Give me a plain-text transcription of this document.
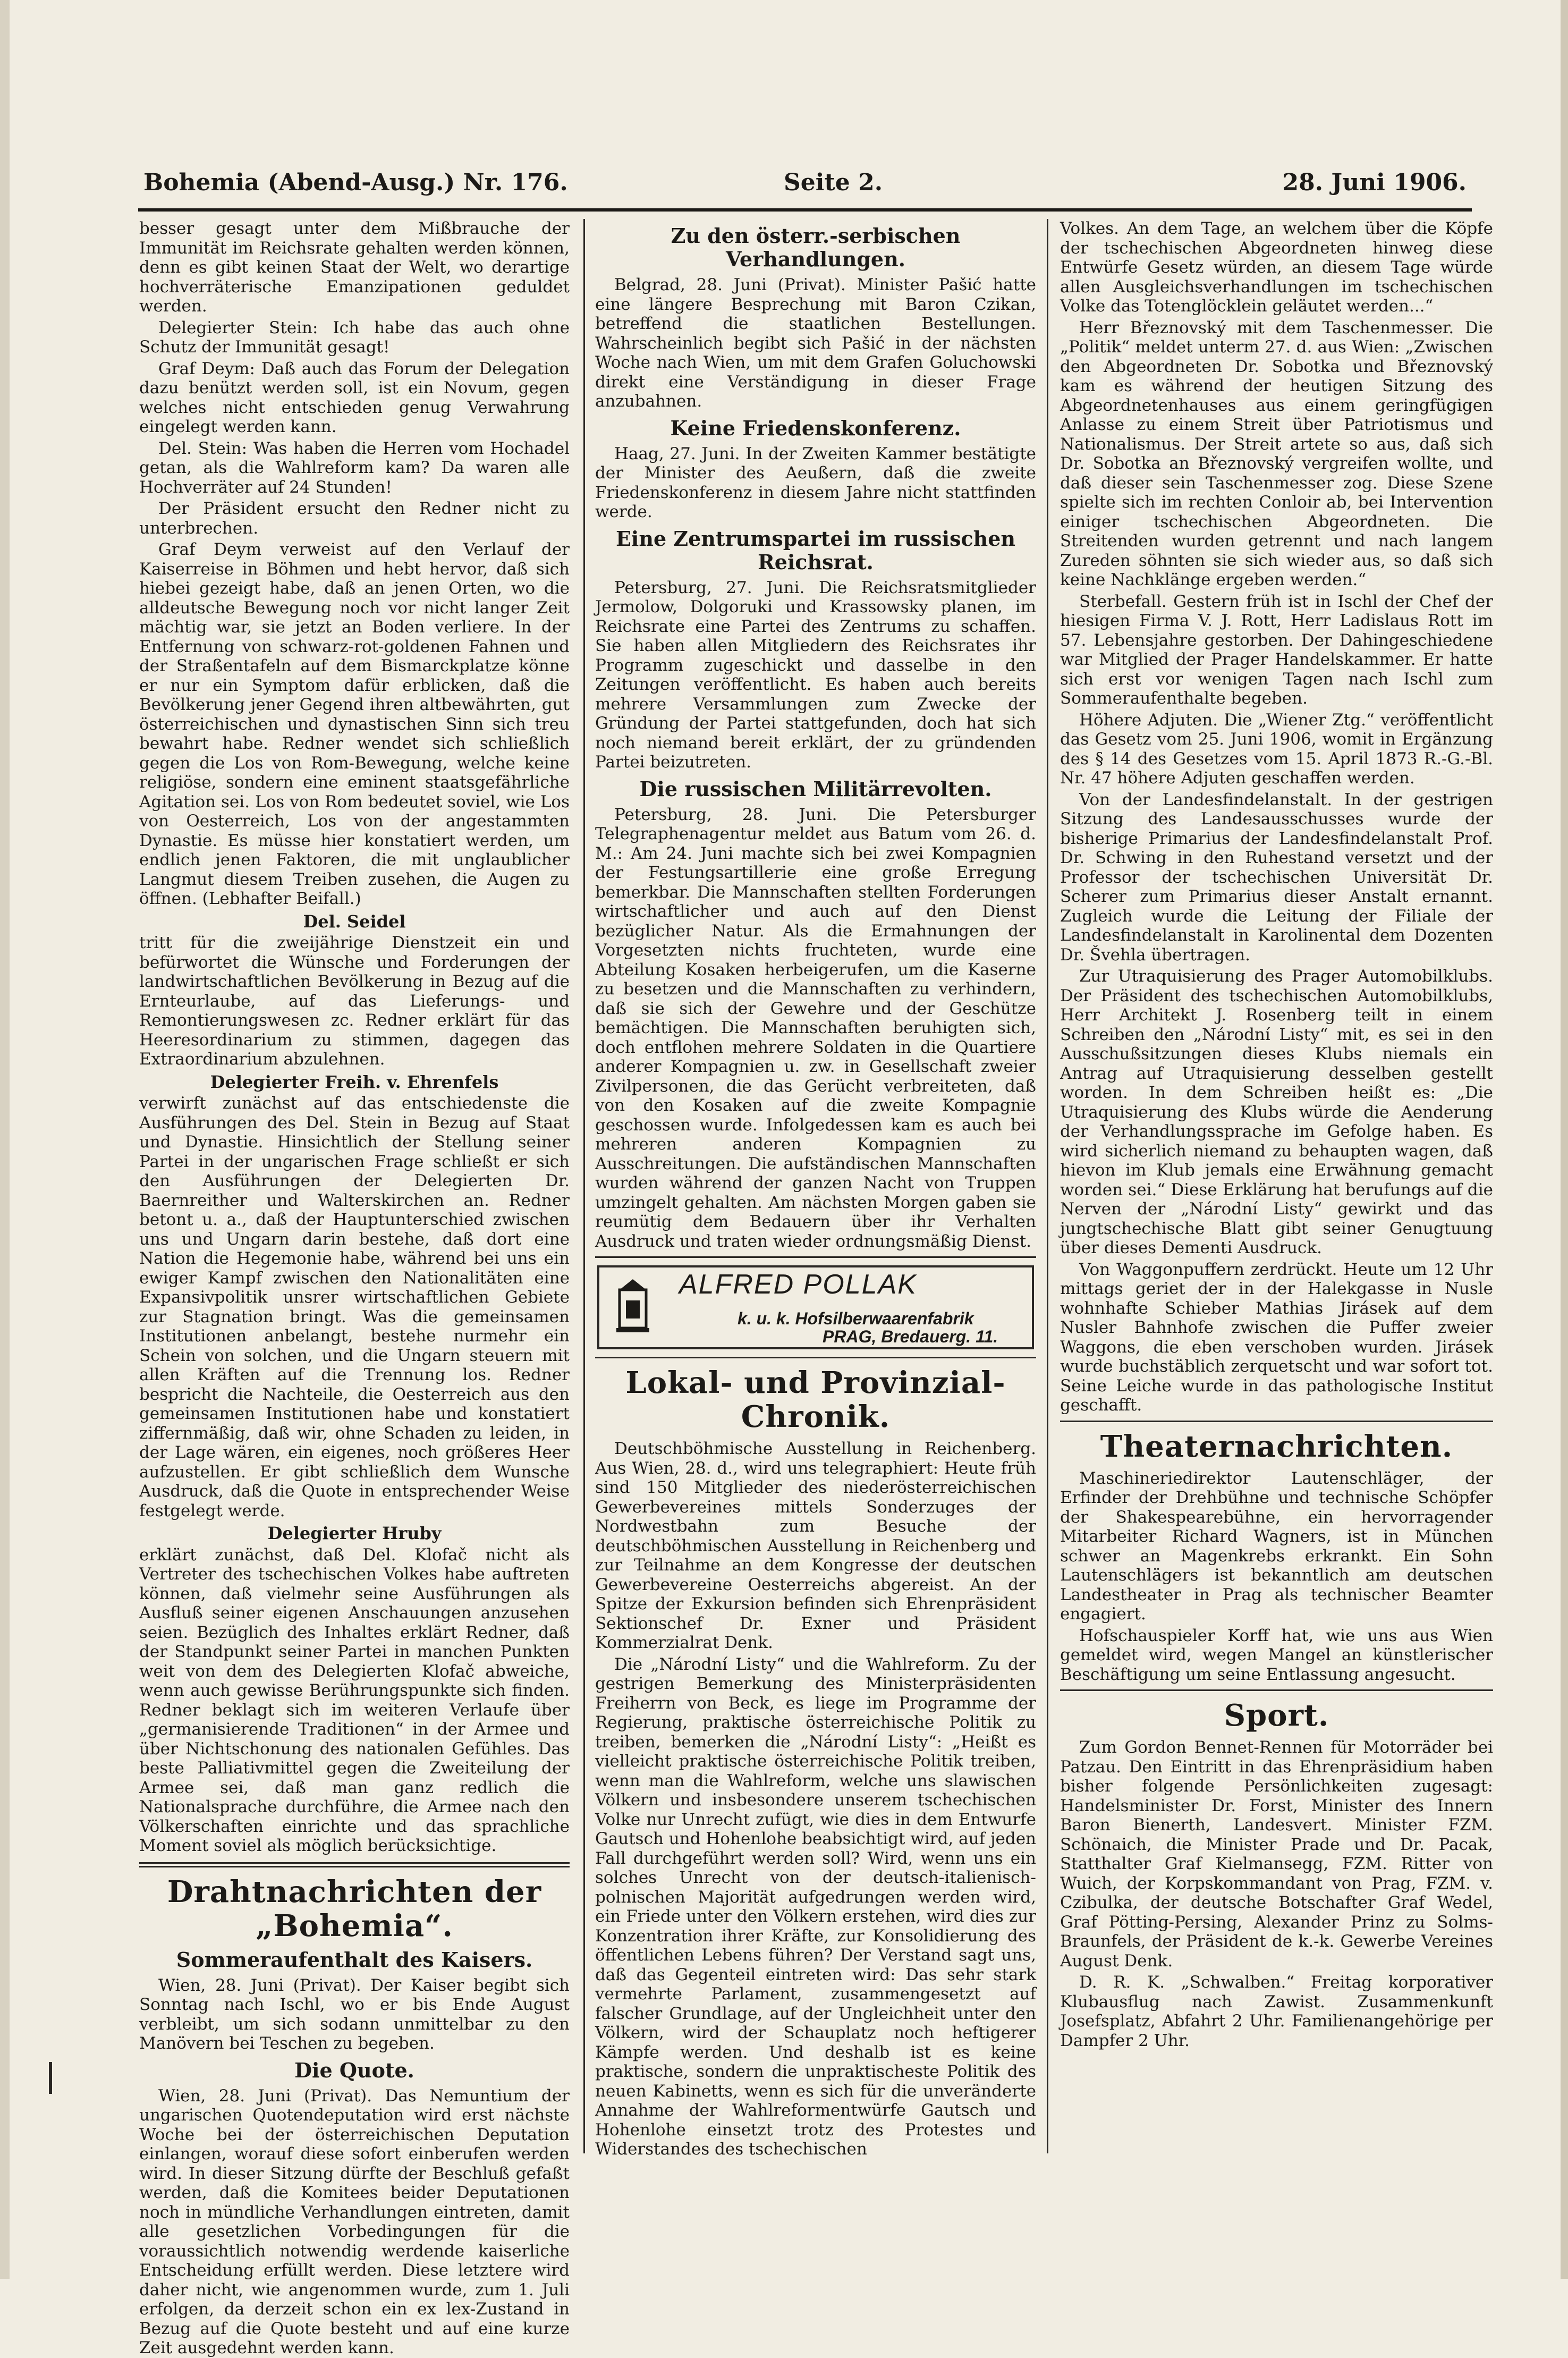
Bohemia (Abend-Ausg.) Nr. 176.	Seite 2.	28. Juni 1906.

besser gesagt unter dem Mißbrauche der Immunität im Reichsrate gehalten werden können, denn es gibt keinen Staat der Welt, wo derartige hochverräterische Emanzipationen geduldet werden.

Delegierter Stein: Ich habe das auch ohne Schutz der Immunität gesagt!

Graf Deym: Daß auch das Forum der Delegation dazu benützt werden soll, ist ein Novum, gegen welches nicht entschieden genug Verwahrung eingelegt werden kann.

Del. Stein: Was haben die Herren vom Hochadel getan, als die Wahlreform kam? Da waren alle Hochverräter auf 24 Stunden!

Der Präsident ersucht den Redner nicht zu unterbrechen.

Graf Deym verweist auf den Verlauf der Kaiserreise in Böhmen und hebt hervor, daß sich hiebei gezeigt habe, daß an jenen Orten, wo die alldeutsche Bewegung noch vor nicht langer Zeit mächtig war, sie jetzt an Boden verliere. In der Entfernung von schwarz-rot-goldenen Fahnen und der Straßentafeln auf dem Bismarckplatze könne er nur ein Symptom dafür erblicken, daß die Bevölkerung jener Gegend ihren altbewährten, gut österreichischen und dynastischen Sinn sich treu bewahrt habe. Redner wendet sich schließlich gegen die Los von Rom-Bewegung, welche keine religiöse, sondern eine eminent staatsgefährliche Agitation sei. Los von Rom bedeutet soviel, wie Los von Oesterreich, Los von der angestammten Dynastie. Es müsse hier konstatiert werden, um endlich jenen Faktoren, die mit unglaublicher Langmut diesem Treiben zusehen, die Augen zu öffnen. (Lebhafter Beifall.)

Del. Seidel

tritt für die zweijährige Dienstzeit ein und befürwortet die Wünsche und Forderungen der landwirtschaftlichen Bevölkerung in Bezug auf die Ernteurlaube, auf das Lieferungs- und Remontierungswesen zc. Redner erklärt für das Heeresordinarium zu stimmen, dagegen das Extraordinarium abzulehnen.

Delegierter Freih. v. Ehrenfels

verwirft zunächst auf das entschiedenste die Ausführungen des Del. Stein in Bezug auf Staat und Dynastie. Hinsichtlich der Stellung seiner Partei in der ungarischen Frage schließt er sich den Ausführungen der Delegierten Dr. Baernreither und Walterskirchen an. Redner betont u. a., daß der Hauptunterschied zwischen uns und Ungarn darin bestehe, daß dort eine Nation die Hegemonie habe, während bei uns ein ewiger Kampf zwischen den Nationalitäten eine Expansivpolitik unsrer wirtschaftlichen Gebiete zur Stagnation bringt. Was die gemeinsamen Institutionen anbelangt, bestehe nurmehr ein Schein von solchen, und die Ungarn steuern mit allen Kräften auf die Trennung los. Redner bespricht die Nachteile, die Oesterreich aus den gemeinsamen Institutionen habe und konstatiert ziffernmäßig, daß wir, ohne Schaden zu leiden, in der Lage wären, ein eigenes, noch größeres Heer aufzustellen. Er gibt schließlich dem Wunsche Ausdruck, daß die Quote in entsprechender Weise festgelegt werde.

Delegierter Hruby

erklärt zunächst, daß Del. Klofač nicht als Vertreter des tschechischen Volkes habe auftreten können, daß vielmehr seine Ausführungen als Ausfluß seiner eigenen Anschauungen anzusehen seien. Bezüglich des Inhaltes erklärt Redner, daß der Standpunkt seiner Partei in manchen Punkten weit von dem des Delegierten Klofač abweiche, wenn auch gewisse Berührungspunkte sich finden. Redner beklagt sich im weiteren Verlaufe über „germanisierende Traditionen“ in der Armee und über Nichtschonung des nationalen Gefühles. Das beste Palliativmittel gegen die Zweiteilung der Armee sei, daß man ganz redlich die Nationalsprache durchführe, die Armee nach den Völkerschaften einrichte und das sprachliche Moment soviel als möglich berücksichtige.

Drahtnachrichten der „Bohemia“.
Sommeraufenthalt des Kaisers.

Wien, 28. Juni (Privat). Der Kaiser begibt sich Sonntag nach Ischl, wo er bis Ende August verbleibt, um sich sodann unmittelbar zu den Manövern bei Teschen zu begeben.

Die Quote.

Wien, 28. Juni (Privat). Das Nemuntium der ungarischen Quotendeputation wird erst nächste Woche bei der österreichischen Deputation einlangen, worauf diese sofort einberufen werden wird. In dieser Sitzung dürfte der Beschluß gefaßt werden, daß die Komitees beider Deputationen noch in mündliche Verhandlungen eintreten, damit alle gesetzlichen Vorbedingungen für die voraussichtlich notwendig werdende kaiserliche Entscheidung erfüllt werden. Diese letztere wird daher nicht, wie angenommen wurde, zum 1. Juli erfolgen, da derzeit schon ein ex lex-Zustand in Bezug auf die Quote besteht und auf eine kurze Zeit ausgedehnt werden kann.

Zu den österr.-serbischen Verhandlungen.

Belgrad, 28. Juni (Privat). Minister Pašić hatte eine längere Besprechung mit Baron Czikan, betreffend die staatlichen Bestellungen. Wahrscheinlich begibt sich Pašić in der nächsten Woche nach Wien, um mit dem Grafen Goluchowski direkt eine Verständigung in dieser Frage anzubahnen.

Keine Friedenskonferenz.

Haag, 27. Juni. In der Zweiten Kammer bestätigte der Minister des Aeußern, daß die zweite Friedenskonferenz in diesem Jahre nicht stattfinden werde.

Eine Zentrumspartei im russischen Reichsrat.

Petersburg, 27. Juni. Die Reichsratsmitglieder Jermolow, Dolgoruki und Krassowsky planen, im Reichsrate eine Partei des Zentrums zu schaffen. Sie haben allen Mitgliedern des Reichsrates ihr Programm zugeschickt und dasselbe in den Zeitungen veröffentlicht. Es haben auch bereits mehrere Versammlungen zum Zwecke der Gründung der Partei stattgefunden, doch hat sich noch niemand bereit erklärt, der zu gründenden Partei beizutreten.

Die russischen Militärrevolten.

Petersburg, 28. Juni. Die Petersburger Telegraphenagentur meldet aus Batum vom 26. d. M.: Am 24. Juni machte sich bei zwei Kompagnien der Festungsartillerie eine große Erregung bemerkbar. Die Mannschaften stellten Forderungen wirtschaftlicher und auch auf den Dienst bezüglicher Natur. Als die Ermahnungen der Vorgesetzten nichts fruchteten, wurde eine Abteilung Kosaken herbeigerufen, um die Kaserne zu besetzen und die Mannschaften zu verhindern, daß sie sich der Gewehre und der Geschütze bemächtigen. Die Mannschaften beruhigten sich, doch entflohen mehrere Soldaten in die Quartiere anderer Kompagnien u. zw. in Gesellschaft zweier Zivilpersonen, die das Gerücht verbreiteten, daß von den Kosaken auf die zweite Kompagnie geschossen wurde. Infolgedessen kam es auch bei mehreren anderen Kompagnien zu Ausschreitungen. Die aufständischen Mannschaften wurden während der ganzen Nacht von Truppen umzingelt gehalten. Am nächsten Morgen gaben sie reumütig dem Bedauern über ihr Verhalten Ausdruck und traten wieder ordnungsmäßig Dienst.

ALFRED POLLAK
k. u. k. Hofsilberwaarenfabrik
PRAG, Bredauerg. 11.
Lokal- und Provinzial-Chronik.

Deutschböhmische Ausstellung in Reichenberg. Aus Wien, 28. d., wird uns telegraphiert: Heute früh sind 150 Mitglieder des niederösterreichischen Gewerbevereines mittels Sonderzuges der Nordwestbahn zum Besuche der deutschböhmischen Ausstellung in Reichenberg und zur Teilnahme an dem Kongresse der deutschen Gewerbevereine Oesterreichs abgereist. An der Spitze der Exkursion befinden sich Ehrenpräsident Sektionschef Dr. Exner und Präsident Kommerzialrat Denk.

Die „Národní Listy“ und die Wahlreform. Zu der gestrigen Bemerkung des Ministerpräsidenten Freiherrn von Beck, es liege im Programme der Regierung, praktische österreichische Politik zu treiben, bemerken die „Národní Listy“: „Heißt es vielleicht praktische österreichische Politik treiben, wenn man die Wahlreform, welche uns slawischen Völkern und insbesondere unserem tschechischen Volke nur Unrecht zufügt, wie dies in dem Entwurfe Gautsch und Hohenlohe beabsichtigt wird, auf jeden Fall durchgeführt werden soll? Wird, wenn uns ein solches Unrecht von der deutsch-italienisch-polnischen Majorität aufgedrungen werden wird, ein Friede unter den Völkern erstehen, wird dies zur Konzentration ihrer Kräfte, zur Konsolidierung des öffentlichen Lebens führen? Der Verstand sagt uns, daß das Gegenteil eintreten wird: Das sehr stark vermehrte Parlament, zusammengesetzt auf falscher Grundlage, auf der Ungleichheit unter den Völkern, wird der Schauplatz noch heftigerer Kämpfe werden. Und deshalb ist es keine praktische, sondern die unpraktischeste Politik des neuen Kabinetts, wenn es sich für die unveränderte Annahme der Wahlreformentwürfe Gautsch und Hohenlohe einsetzt trotz des Protestes und Widerstandes des tschechischen

Volkes. An dem Tage, an welchem über die Köpfe der tschechischen Abgeordneten hinweg diese Entwürfe Gesetz würden, an diesem Tage würde allen Ausgleichsverhandlungen im tschechischen Volke das Totenglöcklein geläutet werden...“

Herr Březnovský mit dem Taschenmesser. Die „Politik“ meldet unterm 27. d. aus Wien: „Zwischen den Abgeordneten Dr. Sobotka und Březnovský kam es während der heutigen Sitzung des Abgeordnetenhauses aus einem geringfügigen Anlasse zu einem Streit über Patriotismus und Nationalismus. Der Streit artete so aus, daß sich Dr. Sobotka an Březnovský vergreifen wollte, und daß dieser sein Taschenmesser zog. Diese Szene spielte sich im rechten Conloir ab, bei Intervention einiger tschechischen Abgeordneten. Die Streitenden wurden getrennt und nach langem Zureden söhnten sie sich wieder aus, so daß sich keine Nachklänge ergeben werden.“

Sterbefall. Gestern früh ist in Ischl der Chef der hiesigen Firma V. J. Rott, Herr Ladislaus Rott im 57. Lebensjahre gestorben. Der Dahingeschiedene war Mitglied der Prager Handelskammer. Er hatte sich erst vor wenigen Tagen nach Ischl zum Sommeraufenthalte begeben.

Höhere Adjuten. Die „Wiener Ztg.“ veröffentlicht das Gesetz vom 25. Juni 1906, womit in Ergänzung des § 14 des Gesetzes vom 15. April 1873 R.-G.-Bl. Nr. 47 höhere Adjuten geschaffen werden.

Von der Landesfindelanstalt. In der gestrigen Sitzung des Landesausschusses wurde der bisherige Primarius der Landesfindelanstalt Prof. Dr. Schwing in den Ruhestand versetzt und der Professor der tschechischen Universität Dr. Scherer zum Primarius dieser Anstalt ernannt. Zugleich wurde die Leitung der Filiale der Landesfindelanstalt in Karolinental dem Dozenten Dr. Švehla übertragen.

Zur Utraquisierung des Prager Automobilklubs. Der Präsident des tschechischen Automobilklubs, Herr Architekt J. Rosenberg teilt in einem Schreiben den „Národní Listy“ mit, es sei in den Ausschußsitzungen dieses Klubs niemals ein Antrag auf Utraquisierung desselben gestellt worden. In dem Schreiben heißt es: „Die Utraquisierung des Klubs würde die Aenderung der Verhandlungssprache im Gefolge haben. Es wird sicherlich niemand zu behaupten wagen, daß hievon im Klub jemals eine Erwähnung gemacht worden sei.“ Diese Erklärung hat berufungs auf die Nerven der „Národní Listy“ gewirkt und das jungtschechische Blatt gibt seiner Genugtuung über dieses Dementi Ausdruck.

Von Waggonpuffern zerdrückt. Heute um 12 Uhr mittags geriet der in der Halekgasse in Nusle wohnhafte Schieber Mathias Jirásek auf dem Nusler Bahnhofe zwischen die Puffer zweier Waggons, die eben verschoben wurden. Jirásek wurde buchstäblich zerquetscht und war sofort tot. Seine Leiche wurde in das pathologische Institut geschafft.

Theaternachrichten.

Maschineriedirektor Lautenschläger, der Erfinder der Drehbühne und technische Schöpfer der Shakespearebühne, ein hervorragender Mitarbeiter Richard Wagners, ist in München schwer an Magenkrebs erkrankt. Ein Sohn Lautenschlägers ist bekanntlich am deutschen Landestheater in Prag als technischer Beamter engagiert.

Hofschauspieler Korff hat, wie uns aus Wien gemeldet wird, wegen Mangel an künstlerischer Beschäftigung um seine Entlassung angesucht.

Sport.

Zum Gordon Bennet-Rennen für Motorräder bei Patzau. Den Eintritt in das Ehrenpräsidium haben bisher folgende Persönlichkeiten zugesagt: Handelsminister Dr. Forst, Minister des Innern Baron Bienerth, Landesvert. Minister FZM. Schönaich, die Minister Prade und Dr. Pacak, Statthalter Graf Kielmansegg, FZM. Ritter von Wuich, der Korpskommandant von Prag, FZM. v. Czibulka, der deutsche Botschafter Graf Wedel, Graf Pötting-Persing, Alexander Prinz zu Solms-Braunfels, der Präsident de k.-k. Gewerbe Vereines August Denk.

D. R. K. „Schwalben.“ Freitag korporativer Klubausflug nach Zawist. Zusammenkunft Josefsplatz, Abfahrt 2 Uhr. Familienangehörige per Dampfer 2 Uhr.
